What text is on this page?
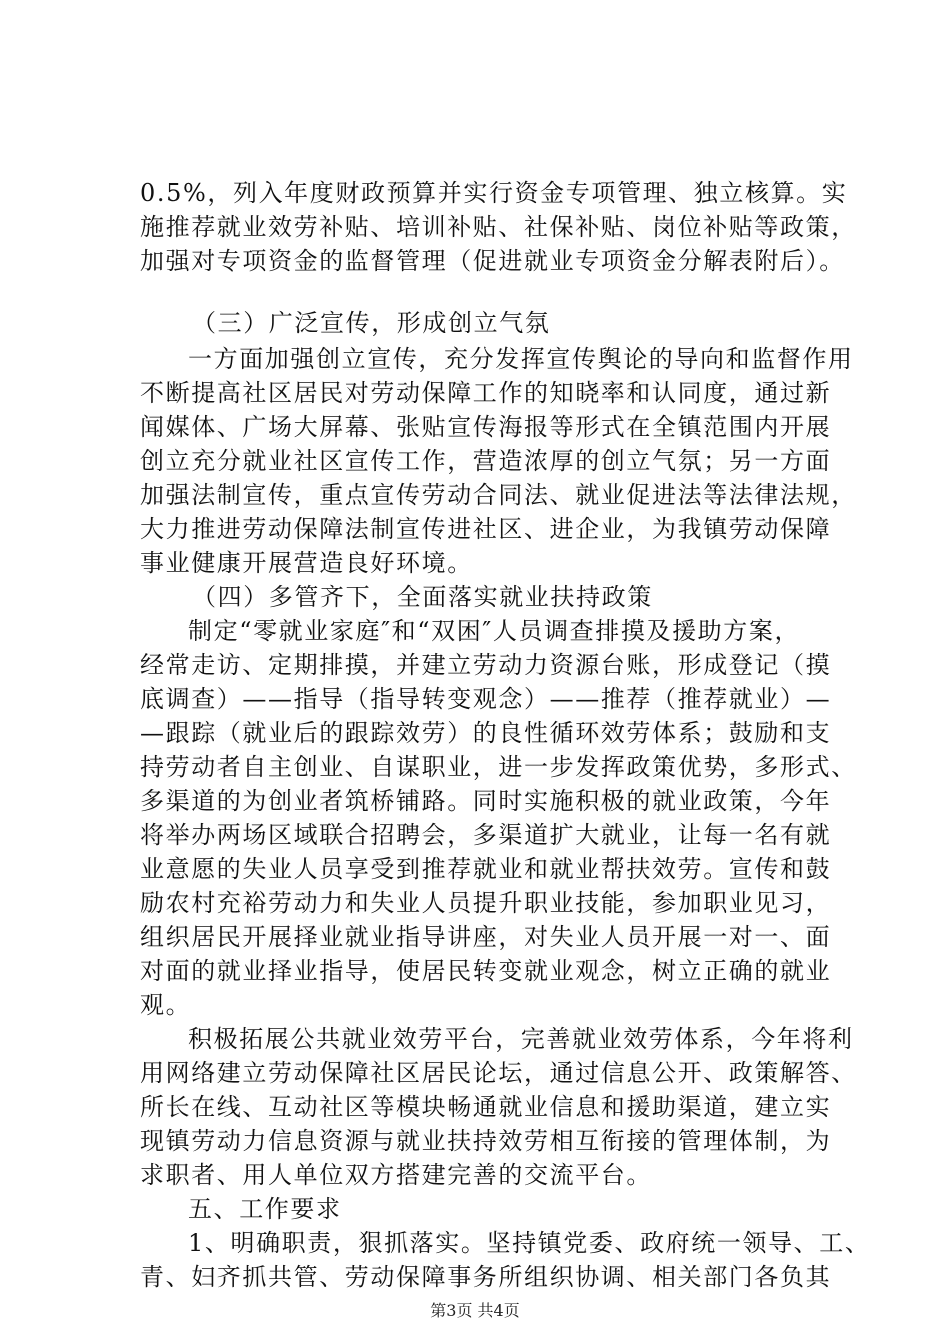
0.5%，列入年度财政预算并实行资金专项管理、独立核算。实
施推荐就业效劳补贴、培训补贴、社保补贴、岗位补贴等政策，
加强对专项资金的监督管理（促进就业专项资金分解表附后）。
（三）广泛宣传，形成创立气氛
一方面加强创立宣传，充分发挥宣传舆论的导向和监督作用
不断提高社区居民对劳动保障工作的知晓率和认同度，通过新
闻媒体、广场大屏幕、张贴宣传海报等形式在全镇范围内开展
创立充分就业社区宣传工作，营造浓厚的创立气氛；另一方面
加强法制宣传，重点宣传劳动合同法、就业促进法等法律法规，
大力推进劳动保障法制宣传进社区、进企业，为我镇劳动保障
事业健康开展营造良好环境。
（四）多管齐下，全面落实就业扶持政策
制定“零就业家庭″和“双困″人员调查排摸及援助方案，
经常走访、定期排摸，并建立劳动力资源台账，形成登记（摸
底调查）——指导（指导转变观念）——推荐（推荐就业）—
—跟踪（就业后的跟踪效劳）的良性循环效劳体系；鼓励和支
持劳动者自主创业、自谋职业，进一步发挥政策优势，多形式、
多渠道的为创业者筑桥铺路。同时实施积极的就业政策，今年
将举办两场区域联合招聘会，多渠道扩大就业，让每一名有就
业意愿的失业人员享受到推荐就业和就业帮扶效劳。宣传和鼓
励农村充裕劳动力和失业人员提升职业技能，参加职业见习，
组织居民开展择业就业指导讲座，对失业人员开展一对一、面
对面的就业择业指导，使居民转变就业观念，树立正确的就业
观。
积极拓展公共就业效劳平台，完善就业效劳体系，今年将利
用网络建立劳动保障社区居民论坛，通过信息公开、政策解答、
所长在线、互动社区等模块畅通就业信息和援助渠道，建立实
现镇劳动力信息资源与就业扶持效劳相互衔接的管理体制，为
求职者、用人单位双方搭建完善的交流平台。
五、工作要求
1、明确职责，狠抓落实。坚持镇党委、政府统一领导、工、
青、妇齐抓共管、劳动保障事务所组织协调、相关部门各负其
第3页 共4页
